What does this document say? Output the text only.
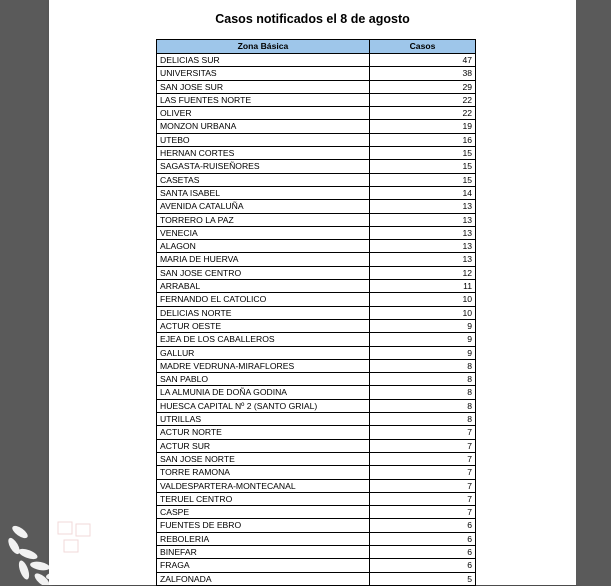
Casos notificados el 8 de agosto
Zona Básica	Casos
DELICIAS SUR	47
UNIVERSITAS	38
SAN JOSE SUR	29
LAS FUENTES NORTE	22
OLIVER	22
MONZON URBANA	19
UTEBO	16
HERNAN CORTES	15
SAGASTA-RUISEÑORES	15
CASETAS	15
SANTA ISABEL	14
AVENIDA CATALUÑA	13
TORRERO LA PAZ	13
VENECIA	13
ALAGON	13
MARIA DE HUERVA	13
SAN JOSE CENTRO	12
ARRABAL	11
FERNANDO EL CATOLICO	10
DELICIAS NORTE	10
ACTUR OESTE	9
EJEA DE LOS CABALLEROS	9
GALLUR	9
MADRE VEDRUNA-MIRAFLORES	8
SAN PABLO	8
LA ALMUNIA DE DOÑA GODINA	8
HUESCA CAPITAL Nº 2 (SANTO GRIAL)	8
UTRILLAS	8
ACTUR NORTE	7
ACTUR SUR	7
SAN JOSE NORTE	7
TORRE RAMONA	7
VALDESPARTERA-MONTECANAL	7
TERUEL CENTRO	7
CASPE	7
FUENTES DE EBRO	6
REBOLERIA	6
BINEFAR	6
FRAGA	6
ZALFONADA	5
